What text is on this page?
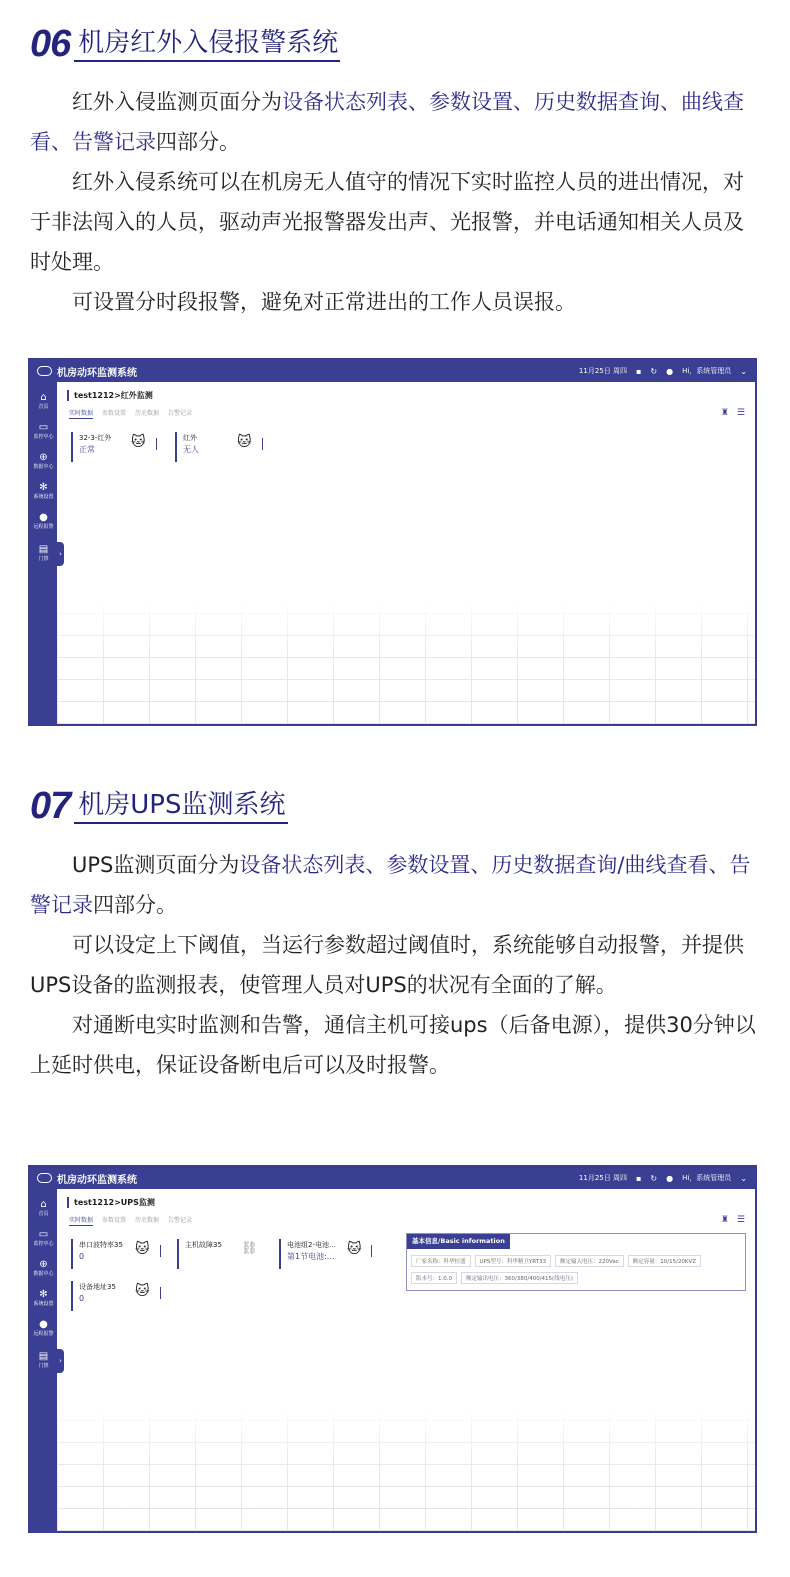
06 机房红外入侵报警系统

红外入侵监测页面分为设备状态列表、参数设置、历史数据查询、曲线查看、告警记录四部分。

红外入侵系统可以在机房无人值守的情况下实时监控人员的进出情况，对于非法闯入的人员，驱动声光报警器发出声、光报警，并电话通知相关人员及时处理。

可设置分时段报警，避免对正常进出的工作人员误报。

机房动环监测系统	11月25日 周四 ▪ ↻ ● Hi，系统管理员 ⌄
⌂
首页
▭
监控中心
⊕
数据中心
✻
系统设置
●
远程报警
▤
门禁
›
test1212>红外监测
实时数据 参数设置 历史数据 告警记录	♜ ☰
32-3-红外
正常	🐱	红外
无人	🐱
07 机房UPS监测系统

UPS监测页面分为设备状态列表、参数设置、历史数据查询/曲线查看、告警记录四部分。

可以设定上下阈值，当运行参数超过阈值时，系统能够自动报警，并提供UPS设备的监测报表，使管理人员对UPS的状况有全面的了解。

对通断电实时监测和告警，通信主机可接ups（后备电源），提供30分钟以上延时供电，保证设备断电后可以及时报警。

机房动环监测系统	11月25日 周四 ▪ ↻ ● Hi，系统管理员 ⌄
⌂
首页
▭
监控中心
⊕
数据中心
✻
系统设置
●
远程报警
▤
门禁
›
test1212>UPS监测
实时数据 参数设置 历史数据 告警记录	♜ ☰
串口波特率35
0	🐱	主机故障35	⛓	电池组2-电池...
第1节电池:... 🐱
设备地址35
0	🐱
基本信息/Basic information
厂家名称：科华恒盛	UPS型号：科华精卫YRT33	额定输入电压：220Vac	额定容量：10/15/20KVZ
版本号：1.0.0	额定输出电压：360/380/400/415(线电压)
